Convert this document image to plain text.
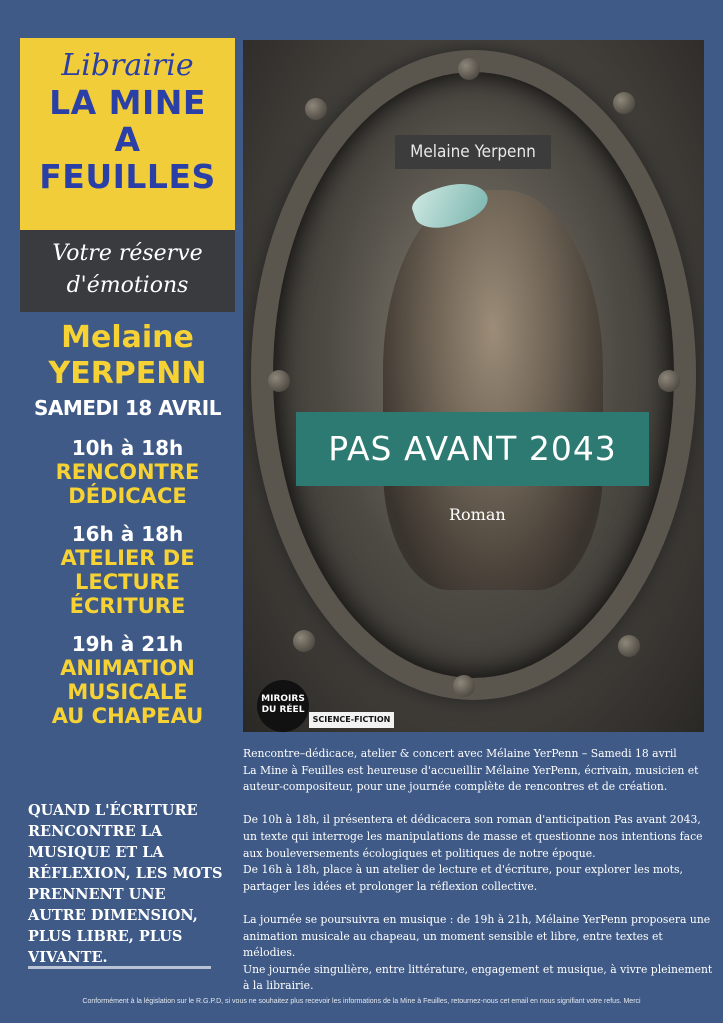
Librairie
LA MINE
A
FEUILLES
Votre réserve
d'émotions
Melaine
YERPENN
SAMEDI 18 AVRIL
10h à 18h
RENCONTRE
DÉDICACE
16h à 18h
ATELIER DE
LECTURE
ÉCRITURE
19h à 21h
ANIMATION
MUSICALE
AU CHAPEAU
QUAND L'ÉCRITURE RENCONTRE LA MUSIQUE ET LA RÉFLEXION, LES MOTS PRENNENT UNE AUTRE DIMENSION, PLUS LIBRE, PLUS VIVANTE.
Melaine Yerpenn
PAS AVANT 2043
Roman
MIROIRS
DU RÉEL
SCIENCE-FICTION

Rencontre–dédicace, atelier & concert avec Mélaine YerPenn – Samedi 18 avril

La Mine à Feuilles est heureuse d'accueillir Mélaine YerPenn, écrivain, musicien et auteur-compositeur, pour une journée complète de rencontres et de création.

De 10h à 18h, il présentera et dédicacera son roman d'anticipation Pas avant 2043, un texte qui interroge les manipulations de masse et questionne nos intentions face aux bouleversements écologiques et politiques de notre époque.

De 16h à 18h, place à un atelier de lecture et d'écriture, pour explorer les mots, partager les idées et prolonger la réflexion collective.

La journée se poursuivra en musique : de 19h à 21h, Mélaine YerPenn proposera une animation musicale au chapeau, un moment sensible et libre, entre textes et mélodies.

Une journée singulière, entre littérature, engagement et musique, à vivre pleinement à la librairie.

Conformément à la législation sur le R.G.P.D, si vous ne souhaitez plus recevoir les informations de la Mine à Feuilles, retournez-nous cet email en nous signifiant votre refus. Merci
